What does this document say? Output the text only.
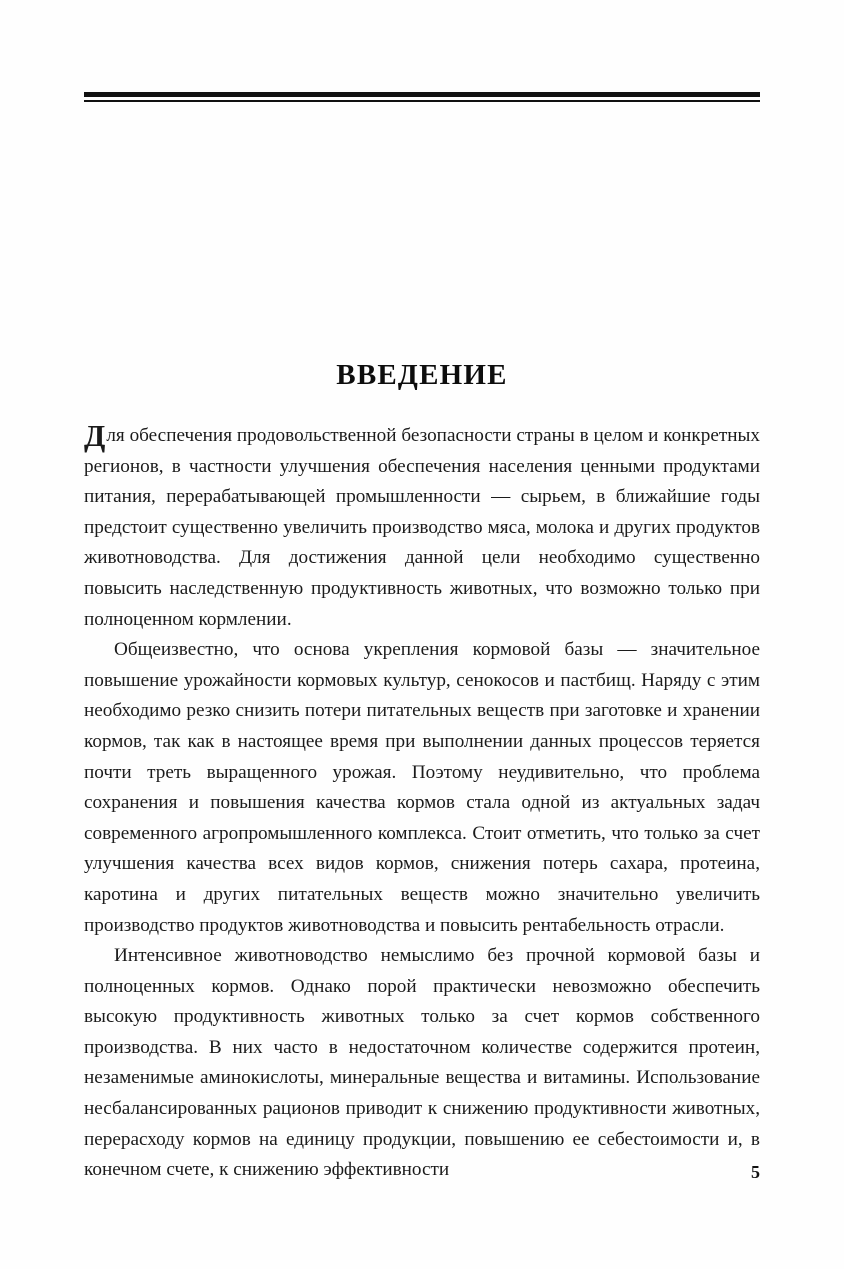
ВВЕДЕНИЕ

Для обеспечения продовольственной безопасности страны в целом и конкретных регионов, в частности улучшения обеспечения населения ценными продуктами питания, перерабатывающей промышленности — сырьем, в ближайшие годы предстоит существенно увеличить производство мяса, молока и других продуктов животноводства. Для достижения данной цели необходимо существенно повысить наследственную продуктивность животных, что возможно только при полноценном кормлении.

Общеизвестно, что основа укрепления кормовой базы — значительное повышение урожайности кормовых культур, сенокосов и пастбищ. Наряду с этим необходимо резко снизить потери питательных веществ при заготовке и хранении кормов, так как в настоящее время при выполнении данных процессов теряется почти треть выращенного урожая. Поэтому неудивительно, что проблема сохранения и повышения качества кормов стала одной из актуальных задач современного агропромышленного комплекса. Стоит отметить, что только за счет улучшения качества всех видов кормов, снижения потерь сахара, протеина, каротина и других питательных веществ можно значительно увеличить производство продуктов животноводства и повысить рентабельность отрасли.

Интенсивное животноводство немыслимо без прочной кормовой базы и полноценных кормов. Однако порой практически невозможно обеспечить высокую продуктивность животных только за счет кормов собственного производства. В них часто в недостаточном количестве содержится протеин, незаменимые аминокислоты, минеральные вещества и витамины. Использование несбалансированных рационов приводит к снижению продуктивности животных, перерасходу кормов на единицу продукции, повышению ее себестоимости и, в конечном счете, к снижению эффективности	5
